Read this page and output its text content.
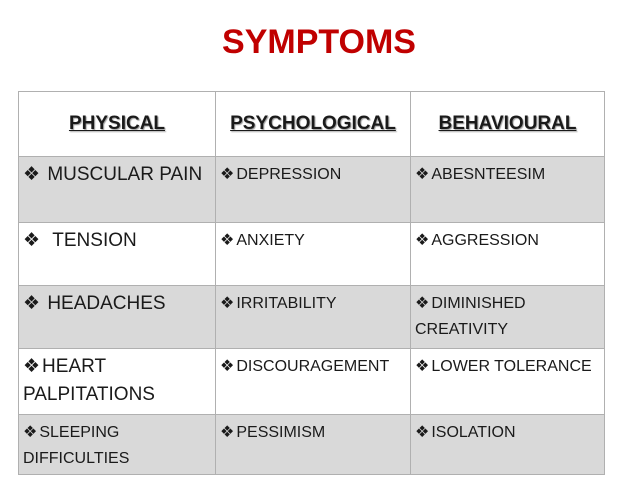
SYMPTOMS
PHYSICAL	PSYCHOLOGICAL	BEHAVIOURAL
❖ MUSCULAR PAIN	❖ DEPRESSION	❖ ABESNTEESIM
❖ TENSION	❖ ANXIETY	❖ AGGRESSION
❖ HEADACHES	❖ IRRITABILITY	❖ DIMINISHED CREATIVITY
❖ HEART PALPITATIONS	❖ DISCOURAGEMENT	❖ LOWER TOLERANCE
❖ SLEEPING DIFFICULTIES	❖ PESSIMISM	❖ ISOLATION
